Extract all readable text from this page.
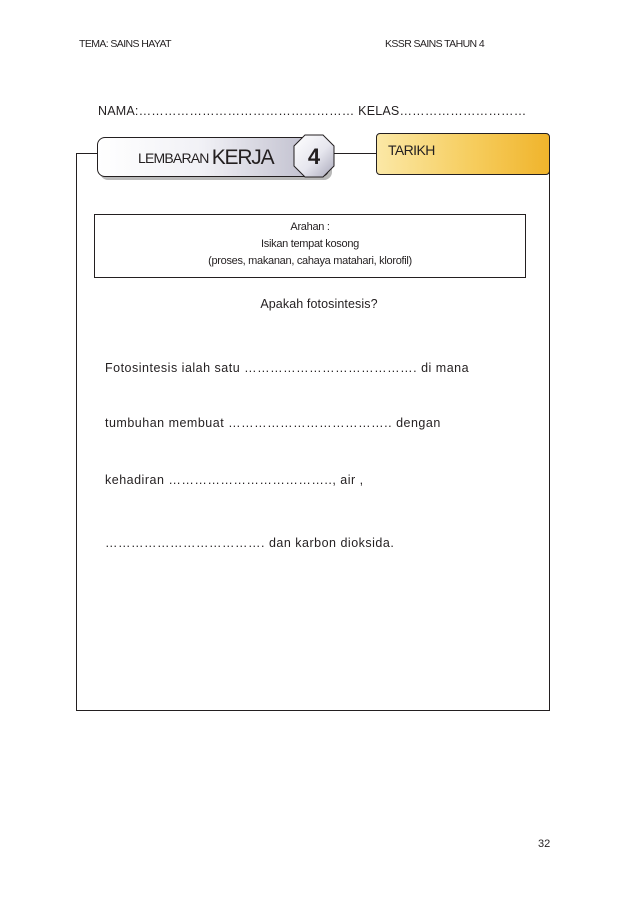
TEMA: SAINS HAYAT	KSSR SAINS TAHUN 4
NAMA:…………………………………………… KELAS…………………………
LEMBARAN KERJA 4	TARIKH
Arahan :
Isikan tempat kosong
(proses, makanan, cahaya matahari, klorofil)
Apakah fotosintesis?
Fotosintesis ialah satu …………………………………. di mana
tumbuhan membuat ……………………………….. dengan
kehadiran ……………………………….., air ,
………………………………. dan karbon dioksida.
32
